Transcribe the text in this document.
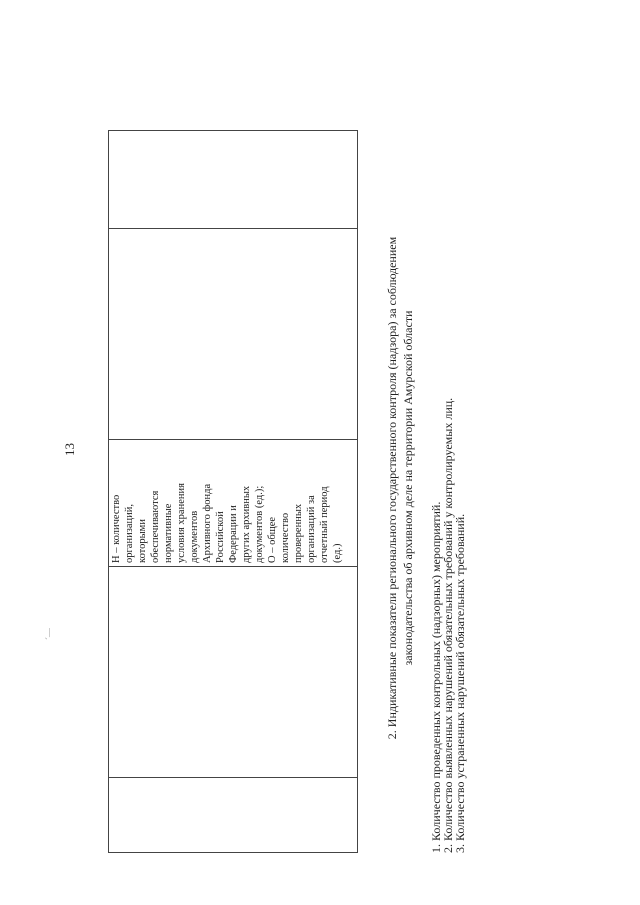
13
´—

Н – количество
организаций,
которыми
обеспечиваются
нормативные
условия хранения
документов
Архивного фонда
Российской
Федерации и
других архивных
документов (ед.);
О – общее
количество
проверенных
организаций за
отчетный период
(ед.)

2. Индикативные показатели регионального государственного контроля (надзора) за соблюдением
законодательства об архивном деле на территории Амурской области
1. Количество проведенных контрольных (надзорных) мероприятий.
2. Количество выявленных нарушений обязательных требований у контролируемых лиц.
3. Количество устраненных нарушений обязательных требований.
